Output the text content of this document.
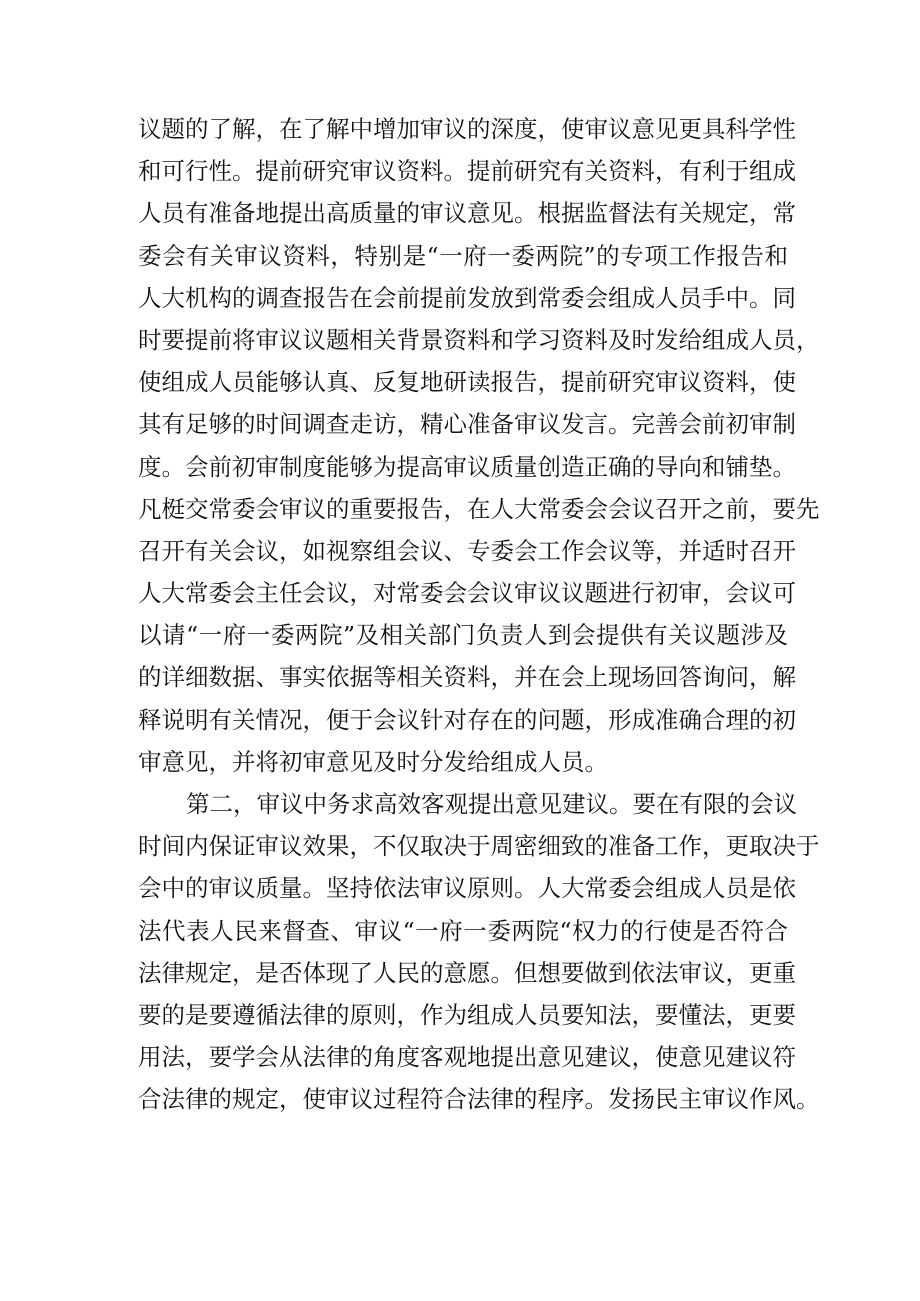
议题的了解，在了解中增加审议的深度，使审议意见更具科学性
和可行性。提前研究审议资料。提前研究有关资料，有利于组成
人员有准备地提出高质量的审议意见。根据监督法有关规定，常
委会有关审议资料，特别是“一府一委两院”的专项工作报告和
人大机构的调查报告在会前提前发放到常委会组成人员手中。同
时要提前将审议议题相关背景资料和学习资料及时发给组成人员，
使组成人员能够认真、反复地研读报告，提前研究审议资料，使
其有足够的时间调查走访，精心准备审议发言。完善会前初审制
度。会前初审制度能够为提高审议质量创造正确的导向和铺垫。
凡梃交常委会审议的重要报告，在人大常委会会议召开之前，要先
召开有关会议，如视察组会议、专委会工作会议等，并适时召开
人大常委会主任会议，对常委会会议审议议题进行初审，会议可
以请“一府一委两院”及相关部门负责人到会提供有关议题涉及
的详细数据、事实依据等相关资料，并在会上现场回答询问，解
释说明有关情况，便于会议针对存在的问题，形成准确合理的初
审意见，并将初审意见及时分发给组成人员。
第二，审议中务求高效客观提出意见建议。要在有限的会议
时间内保证审议效果，不仅取决于周密细致的准备工作，更取决于
会中的审议质量。坚持依法审议原则。人大常委会组成人员是依
法代表人民来督查、审议“一府一委两院“权力的行使是否符合
法律规定，是否体现了人民的意愿。但想要做到依法审议，更重
要的是要遵循法律的原则，作为组成人员要知法，要懂法，更要
用法，要学会从法律的角度客观地提出意见建议，使意见建议符
合法律的规定，使审议过程符合法律的程序。发扬民主审议作风。
